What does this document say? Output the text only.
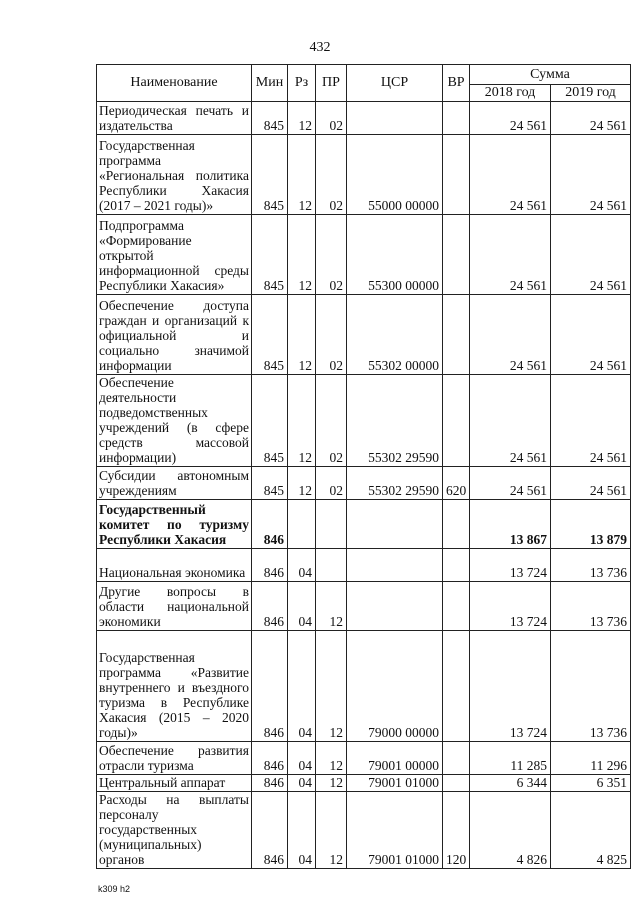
432
Наименование	Мин	Рз	ПР	ЦСР	ВР	Сумма	
						2018 год	2019 год
Периодическая печать и издательства	845	12	02			24 561	24 561
Государственная программа «Региональная политика Республики Хакасия (2017 – 2021 годы)»	845	12	02	55000 00000		24 561	24 561
Подпрограмма «Формирование открытой информационной среды Республики Хакасия»	845	12	02	55300 00000		24 561	24 561
Обеспечение доступа граждан и организаций к официальной и социально значимой информации	845	12	02	55302 00000		24 561	24 561
Обеспечение деятельности подведомственных учреждений (в сфере средств массовой информации)	845	12	02	55302 29590		24 561	24 561
Субсидии автономным учреждениям	845	12	02	55302 29590	620	24 561	24 561
Государственный комитет по туризму Республики Хакасия	846					13 867	13 879
Национальная экономика	846	04				13 724	13 736
Другие вопросы в области национальной экономики	846	04	12			13 724	13 736
Государственная программа «Развитие внутреннего и въездного туризма в Республике Хакасия (2015 – 2020 годы)»	846	04	12	79000 00000		13 724	13 736
Обеспечение развития отрасли туризма	846	04	12	79001 00000		11 285	11 296
Центральный аппарат	846	04	12	79001 01000		6 344	6 351
Расходы на выплаты персоналу государственных (муниципальных) органов	846	04	12	79001 01000	120	4 826	4 825
k309 h2
